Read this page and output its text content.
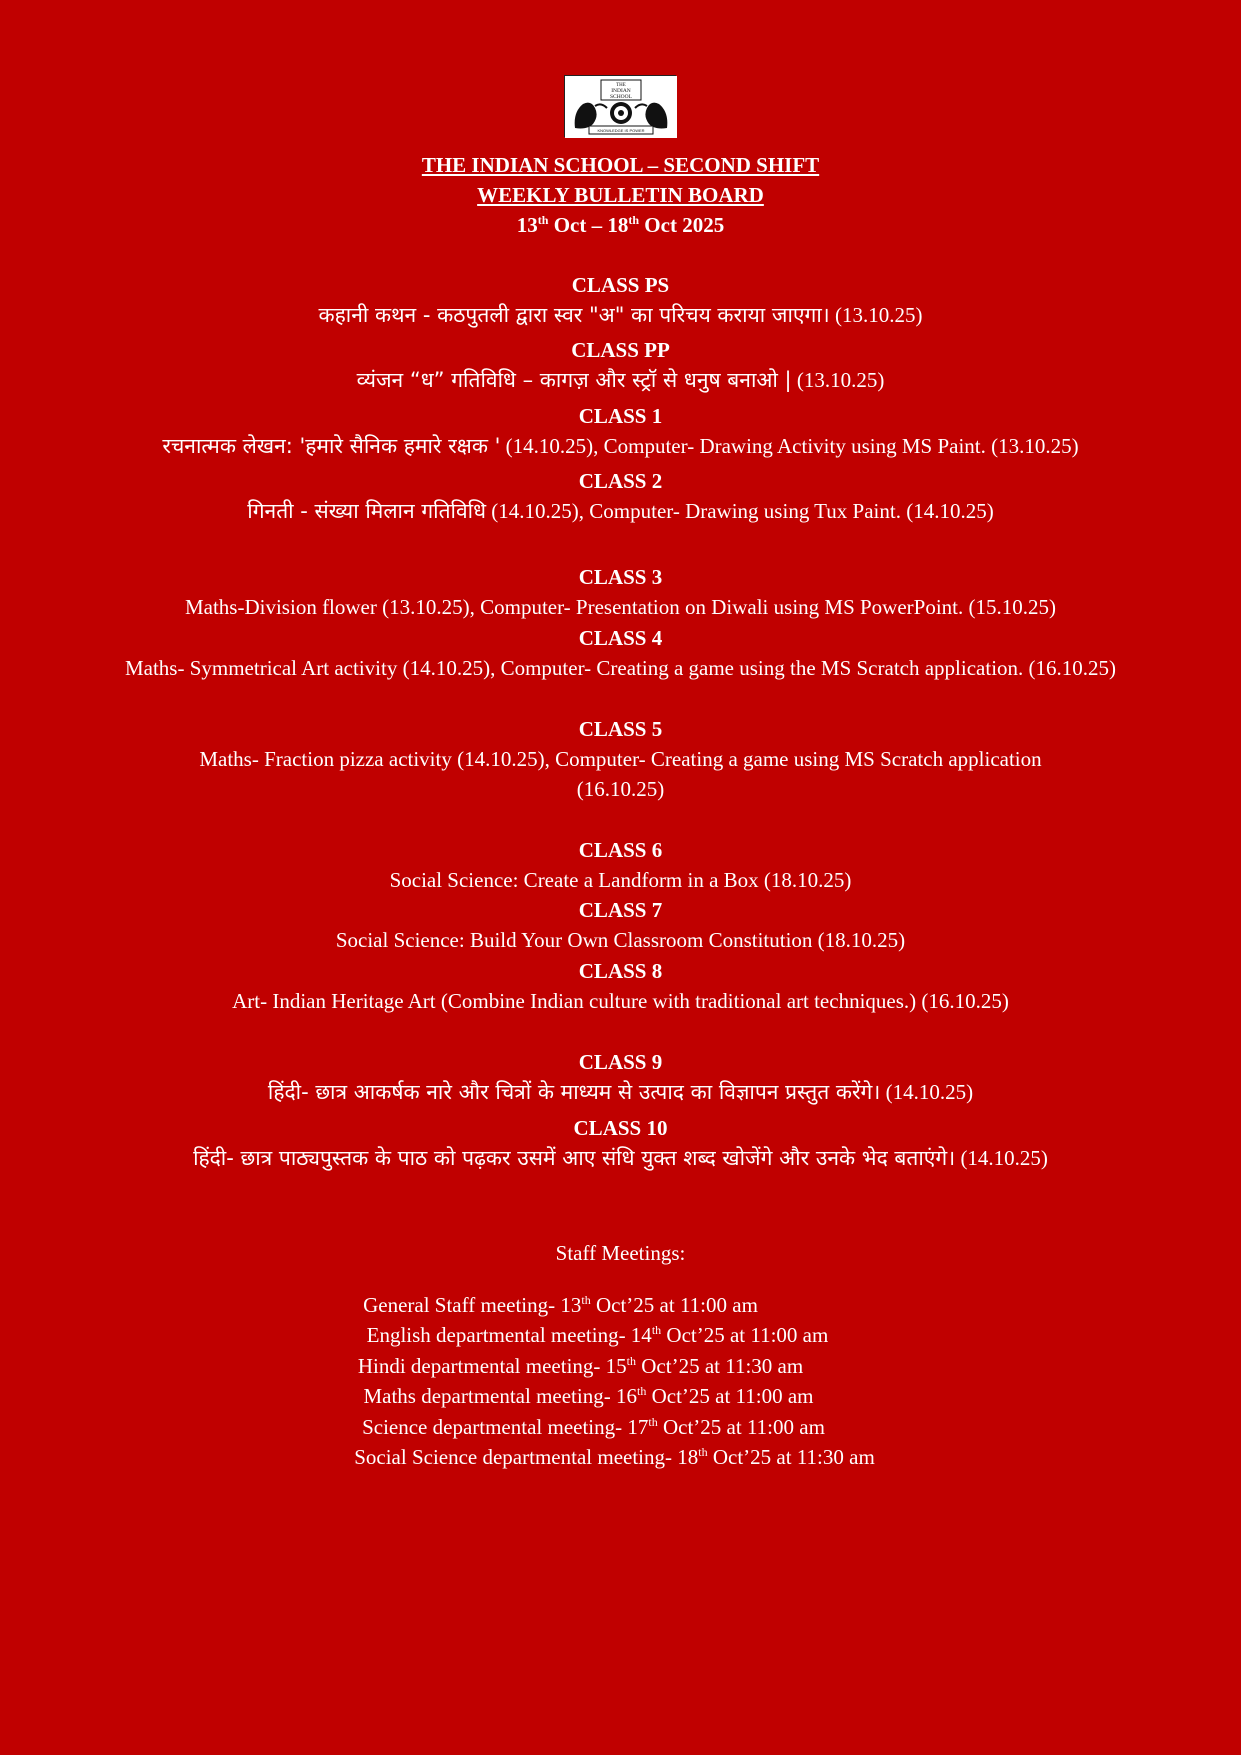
THE
INDIAN
SCHOOL
KNOWLEDGE IS POWER
THE INDIAN SCHOOL – SECOND SHIFT
WEEKLY BULLETIN BOARD
13th Oct – 18th Oct 2025
CLASS PS
कहानी कथन - कठपुतली द्वारा स्वर "अ" का परिचय कराया जाएगा। (13.10.25)
CLASS PP
व्यंजन “ध” गतिविधि – कागज़ और स्ट्रॉ से धनुष बनाओ | (13.10.25)
CLASS 1
रचनात्मक लेखन: 'हमारे सैनिक हमारे रक्षक ' (14.10.25), Computer- Drawing Activity using MS Paint. (13.10.25)
CLASS 2
गिनती - संख्या मिलान गतिविधि (14.10.25), Computer- Drawing using Tux Paint. (14.10.25)
CLASS 3
Maths-Division flower (13.10.25), Computer- Presentation on Diwali using MS PowerPoint. (15.10.25)
CLASS 4
Maths- Symmetrical Art activity (14.10.25), Computer- Creating a game using the MS Scratch application. (16.10.25)
CLASS 5
Maths- Fraction pizza activity (14.10.25), Computer- Creating a game using MS Scratch application (16.10.25)
CLASS 6
Social Science: Create a Landform in a Box (18.10.25)
CLASS 7
Social Science: Build Your Own Classroom Constitution (18.10.25)
CLASS 8
Art- Indian Heritage Art (Combine Indian culture with traditional art techniques.) (16.10.25)
CLASS 9
हिंदी- छात्र आकर्षक नारे और चित्रों के माध्यम से उत्पाद का विज्ञापन प्रस्तुत करेंगे। (14.10.25)
CLASS 10
हिंदी- छात्र पाठ्यपुस्तक के पाठ को पढ़कर उसमें आए संधि युक्त शब्द खोजेंगे और उनके भेद बताएंगे। (14.10.25)
Staff Meetings:
General Staff meeting- 13th Oct’25 at 11:00 am
English departmental meeting- 14th Oct’25 at 11:00 am
Hindi departmental meeting- 15th Oct’25 at 11:30 am
Maths departmental meeting- 16th Oct’25 at 11:00 am
Science departmental meeting- 17th Oct’25 at 11:00 am
Social Science departmental meeting- 18th Oct’25 at 11:30 am
